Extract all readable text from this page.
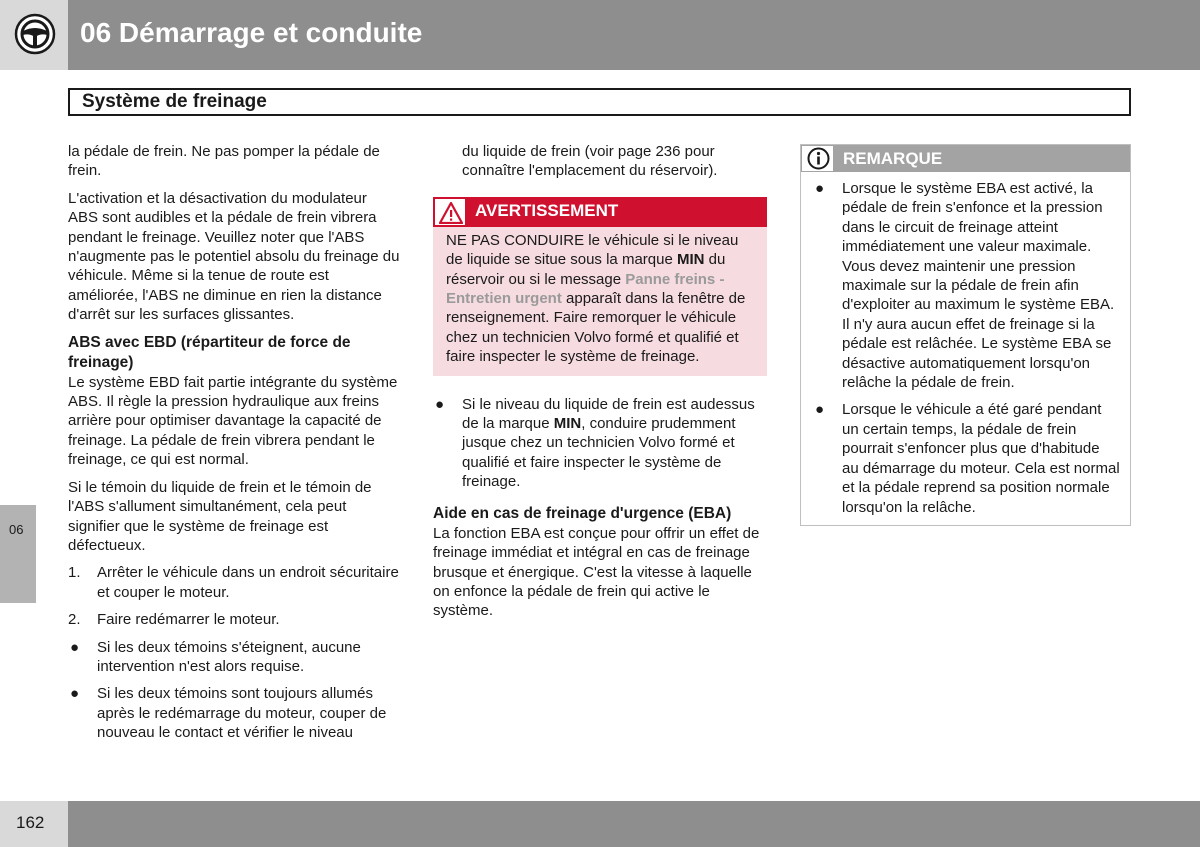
06 Démarrage et conduite
Système de freinage
06
la pédale de frein. Ne pas pomper la pédale de frein.
L'activation et la désactivation du modulateur ABS sont audibles et la pédale de frein vibrera pendant le freinage. Veuillez noter que l'ABS n'augmente pas le potentiel absolu du freinage du véhicule. Même si la tenue de route est améliorée, l'ABS ne diminue en rien la distance d'arrêt sur les surfaces glissantes.
ABS avec EBD (répartiteur de force de freinage)
Le système EBD fait partie intégrante du système ABS. Il règle la pression hydraulique aux freins arrière pour optimiser davantage la capacité de freinage. La pédale de frein vibrera pendant le freinage, ce qui est normal.
Si le témoin du liquide de frein et le témoin de l'ABS s'allument simultanément, cela peut signifier que le système de freinage est défectueux.
1. Arrêter le véhicule dans un endroit sécuritaire et couper le moteur.
2. Faire redémarrer le moteur.
● Si les deux témoins s'éteignent, aucune intervention n'est alors requise.
● Si les deux témoins sont toujours allumés après le redémarrage du moteur, couper de nouveau le contact et vérifier le niveau
du liquide de frein (voir page 236 pour connaître l'emplacement du réservoir).
AVERTISSEMENT
NE PAS CONDUIRE le véhicule si le niveau de liquide se situe sous la marque MIN du réservoir ou si le message Panne freins - Entretien urgent apparaît dans la fenêtre de renseignement. Faire remorquer le véhicule chez un technicien Volvo formé et qualifié et faire inspecter le système de freinage.
● Si le niveau du liquide de frein est audessus de la marque MIN, conduire prudemment jusque chez un technicien Volvo formé et qualifié et faire inspecter le système de freinage.
Aide en cas de freinage d'urgence (EBA)
La fonction EBA est conçue pour offrir un effet de freinage immédiat et intégral en cas de freinage brusque et énergique. C'est la vitesse à laquelle on enfonce la pédale de frein qui active le système.
REMARQUE
● Lorsque le système EBA est activé, la pédale de frein s'enfonce et la pression dans le circuit de freinage atteint immédiatement une valeur maximale. Vous devez maintenir une pression maximale sur la pédale de frein afin d'exploiter au maximum le système EBA. Il n'y aura aucun effet de freinage si la pédale est relâchée. Le système EBA se désactive automatiquement lorsqu'on relâche la pédale de frein.
● Lorsque le véhicule a été garé pendant un certain temps, la pédale de frein pourrait s'enfoncer plus que d'habitude au démarrage du moteur. Cela est normal et la pédale reprend sa position normale lorsqu'on la relâche.
162
